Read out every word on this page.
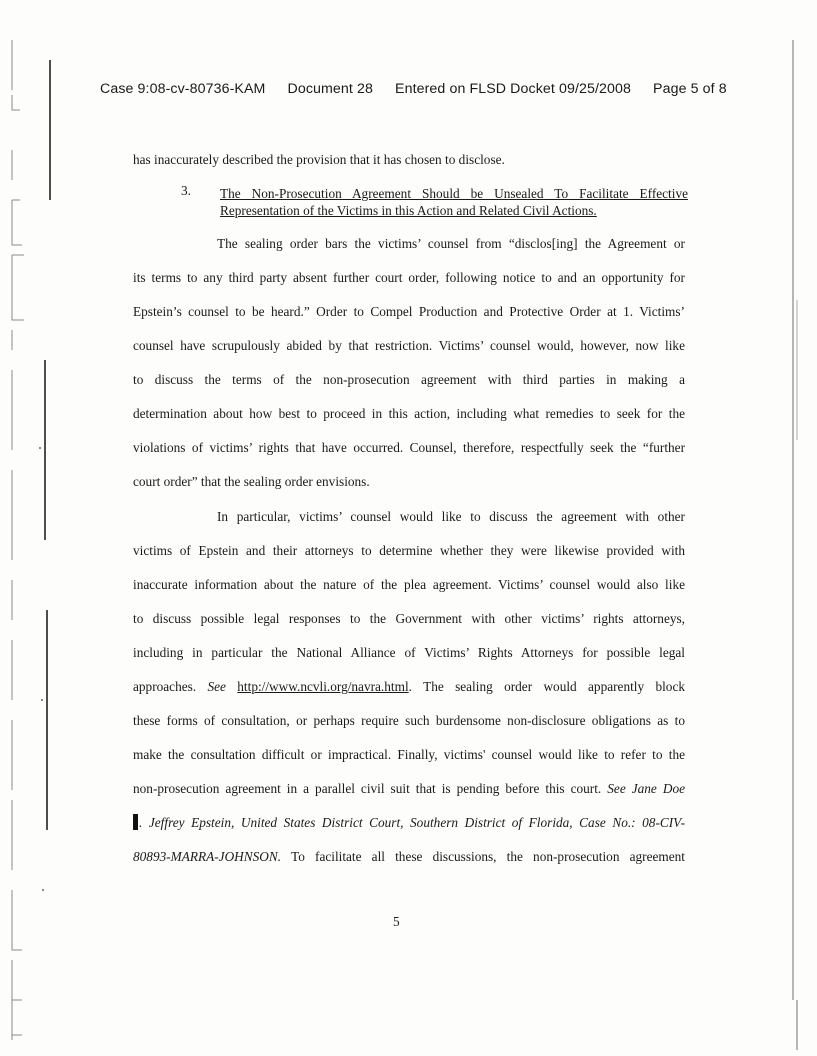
Case 9:08-cv-80736-KAM Document 28 Entered on FLSD Docket 09/25/2008 Page 5 of 8
has inaccurately described the provision that it has chosen to disclose.
3. The Non-Prosecution Agreement Should be Unsealed To Facilitate Effective
Representation of the Victims in this Action and Related Civil Actions.
The sealing order bars the victims’ counsel from “disclos[ing] the Agreement or
its terms to any third party absent further court order, following notice to and an opportunity for
Epstein’s counsel to be heard.” Order to Compel Production and Protective Order at 1. Victims’
counsel have scrupulously abided by that restriction. Victims’ counsel would, however, now like
to discuss the terms of the non-prosecution agreement with third parties in making a
determination about how best to proceed in this action, including what remedies to seek for the
violations of victims’ rights that have occurred. Counsel, therefore, respectfully seek the “further
court order” that the sealing order envisions.
In particular, victims’ counsel would like to discuss the agreement with other
victims of Epstein and their attorneys to determine whether they were likewise provided with
inaccurate information about the nature of the plea agreement. Victims’ counsel would also like
to discuss possible legal responses to the Government with other victims’ rights attorneys,
including in particular the National Alliance of Victims’ Rights Attorneys for possible legal
approaches. See http://www.ncvli.org/navra.html. The sealing order would apparently block
these forms of consultation, or perhaps require such burdensome non-disclosure obligations as to
make the consultation difficult or impractical. Finally, victims' counsel would like to refer to the
non-prosecution agreement in a parallel civil suit that is pending before this court. See Jane Doe
. Jeffrey Epstein, United States District Court, Southern District of Florida, Case No.: 08-CIV-
80893-MARRA-JOHNSON. To facilitate all these discussions, the non-prosecution agreement
5
